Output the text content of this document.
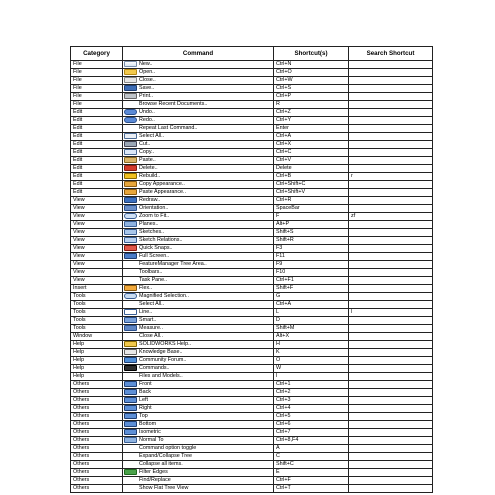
Category	Command	Shortcut(s)	Search Shortcut
File	New..	Ctrl+N	
File	Open..	Ctrl+O	
File	Close..	Ctrl+W	
File	Save..	Ctrl+S	
File	Print..	Ctrl+P	
File	Browse Recent Documents..	R	
Edit	Undo..	Ctrl+Z	
Edit	Redo..	Ctrl+Y	
Edit	Repeat Last Command..	Enter	
Edit	Select All..	Ctrl+A	
Edit	Cut..	Ctrl+X	
Edit	Copy..	Ctrl+C	
Edit	Paste..	Ctrl+V	
Edit	Delete..	Delete	
Edit	Rebuild..	Ctrl+B	r
Edit	Copy Appearance..	Ctrl+Shift+C	
Edit	Paste Appearance..	Ctrl+Shift+V	
View	Redraw..	Ctrl+R	
View	Orientation..	SpaceBar	
View	Zoom to Fit..	F	zf
View	Planes..	Alt+P	
View	Sketches..	Shift+S	
View	Sketch Relations..	Shift+R	
View	Quick Snaps..	F3	
View	Full Screen..	F11	
View	FeatureManager Tree Area..	F9	
View	Toolbars..	F10	
View	Task Pane..	Ctrl+F1	
Insert	Flex..	Shift+F	
Tools	Magnified Selection..	G	
Tools	Select All..	Ctrl+A	
Tools	Line..	L	l
Tools	Smart..	D	
Tools	Measure..	Shift+M	
Window	Close All..	Alt+X	
Help	SOLIDWORKS Help..	H	
Help	Knowledge Base..	K	
Help	Community Forum..	O	
Help	Commands..	W	
Help	Files and Models..	I	
Others	Front	Ctrl+1	
Others	Back	Ctrl+2	
Others	Left	Ctrl+3	
Others	Right	Ctrl+4	
Others	Top	Ctrl+5	
Others	Bottom	Ctrl+6	
Others	Isometric	Ctrl+7	
Others	Normal To	Ctrl+8,F4	
Others	Command option toggle	A	
Others	Expand/Collapse Tree	C	
Others	Collapse all items.	Shift+C	
Others	Filter Edges	E	
Others	Find/Replace	Ctrl+F	
Others	Show Flat Tree View	Ctrl+T	
